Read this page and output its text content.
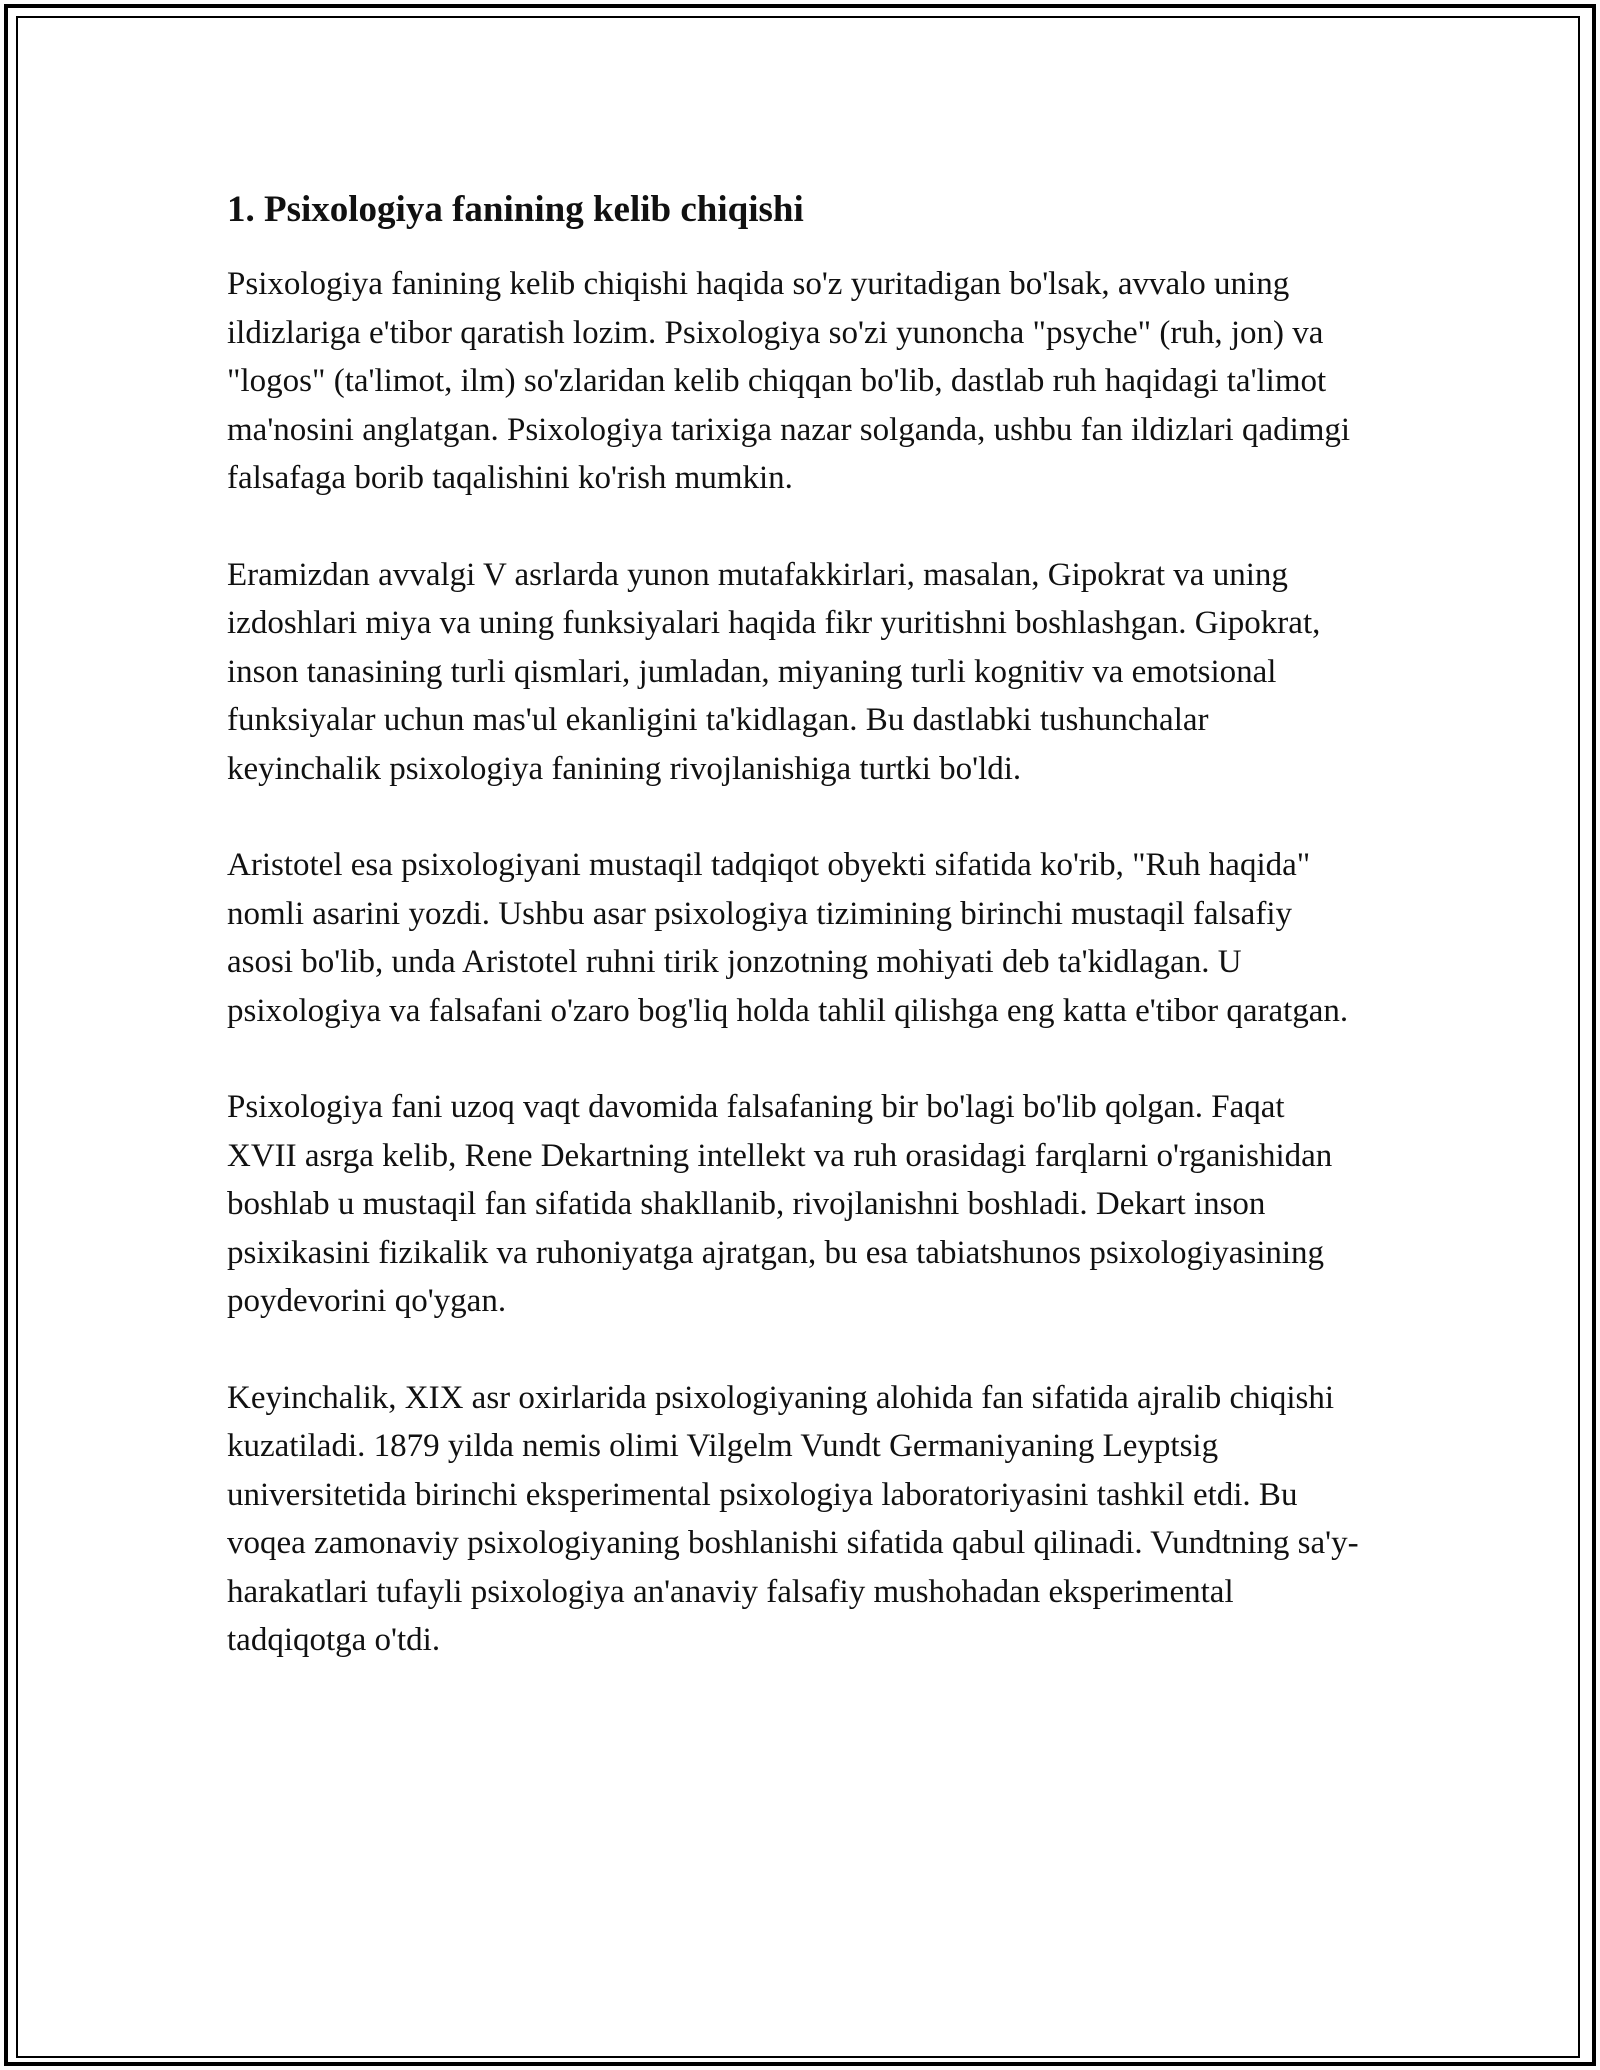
1. Psixologiya fanining kelib chiqishi

Psixologiya fanining kelib chiqishi haqida so'z yuritadigan bo'lsak, avvalo uning ildizlariga e'tibor qaratish lozim. Psixologiya so'zi yunoncha "psyche" (ruh, jon) va "logos" (ta'limot, ilm) so'zlaridan kelib chiqqan bo'lib, dastlab ruh haqidagi ta'limot ma'nosini anglatgan. Psixologiya tarixiga nazar solganda, ushbu fan ildizlari qadimgi falsafaga borib taqalishini ko'rish mumkin.

Eramizdan avvalgi V asrlarda yunon mutafakkirlari, masalan, Gipokrat va uning izdoshlari miya va uning funksiyalari haqida fikr yuritishni boshlashgan. Gipokrat, inson tanasining turli qismlari, jumladan, miyaning turli kognitiv va emotsional funksiyalar uchun mas'ul ekanligini ta'kidlagan. Bu dastlabki tushunchalar keyinchalik psixologiya fanining rivojlanishiga turtki bo'ldi.

Aristotel esa psixologiyani mustaqil tadqiqot obyekti sifatida ko'rib, "Ruh haqida" nomli asarini yozdi. Ushbu asar psixologiya tizimining birinchi mustaqil falsafiy asosi bo'lib, unda Aristotel ruhni tirik jonzotning mohiyati deb ta'kidlagan. U psixologiya va falsafani o'zaro bog'liq holda tahlil qilishga eng katta e'tibor qaratgan.

Psixologiya fani uzoq vaqt davomida falsafaning bir bo'lagi bo'lib qolgan. Faqat XVII asrga kelib, Rene Dekartning intellekt va ruh orasidagi farqlarni o'rganishidan boshlab u mustaqil fan sifatida shakllanib, rivojlanishni boshladi. Dekart inson psixikasini fizikalik va ruhoniyatga ajratgan, bu esa tabiatshunos psixologiyasining poydevorini qo'ygan.

Keyinchalik, XIX asr oxirlarida psixologiyaning alohida fan sifatida ajralib chiqishi kuzatiladi. 1879 yilda nemis olimi Vilgelm Vundt Germaniyaning Leyptsig universitetida birinchi eksperimental psixologiya laboratoriyasini tashkil etdi. Bu voqea zamonaviy psixologiyaning boshlanishi sifatida qabul qilinadi. Vundtning sa'y-harakatlari tufayli psixologiya an'anaviy falsafiy mushohadan eksperimental tadqiqotga o'tdi.
